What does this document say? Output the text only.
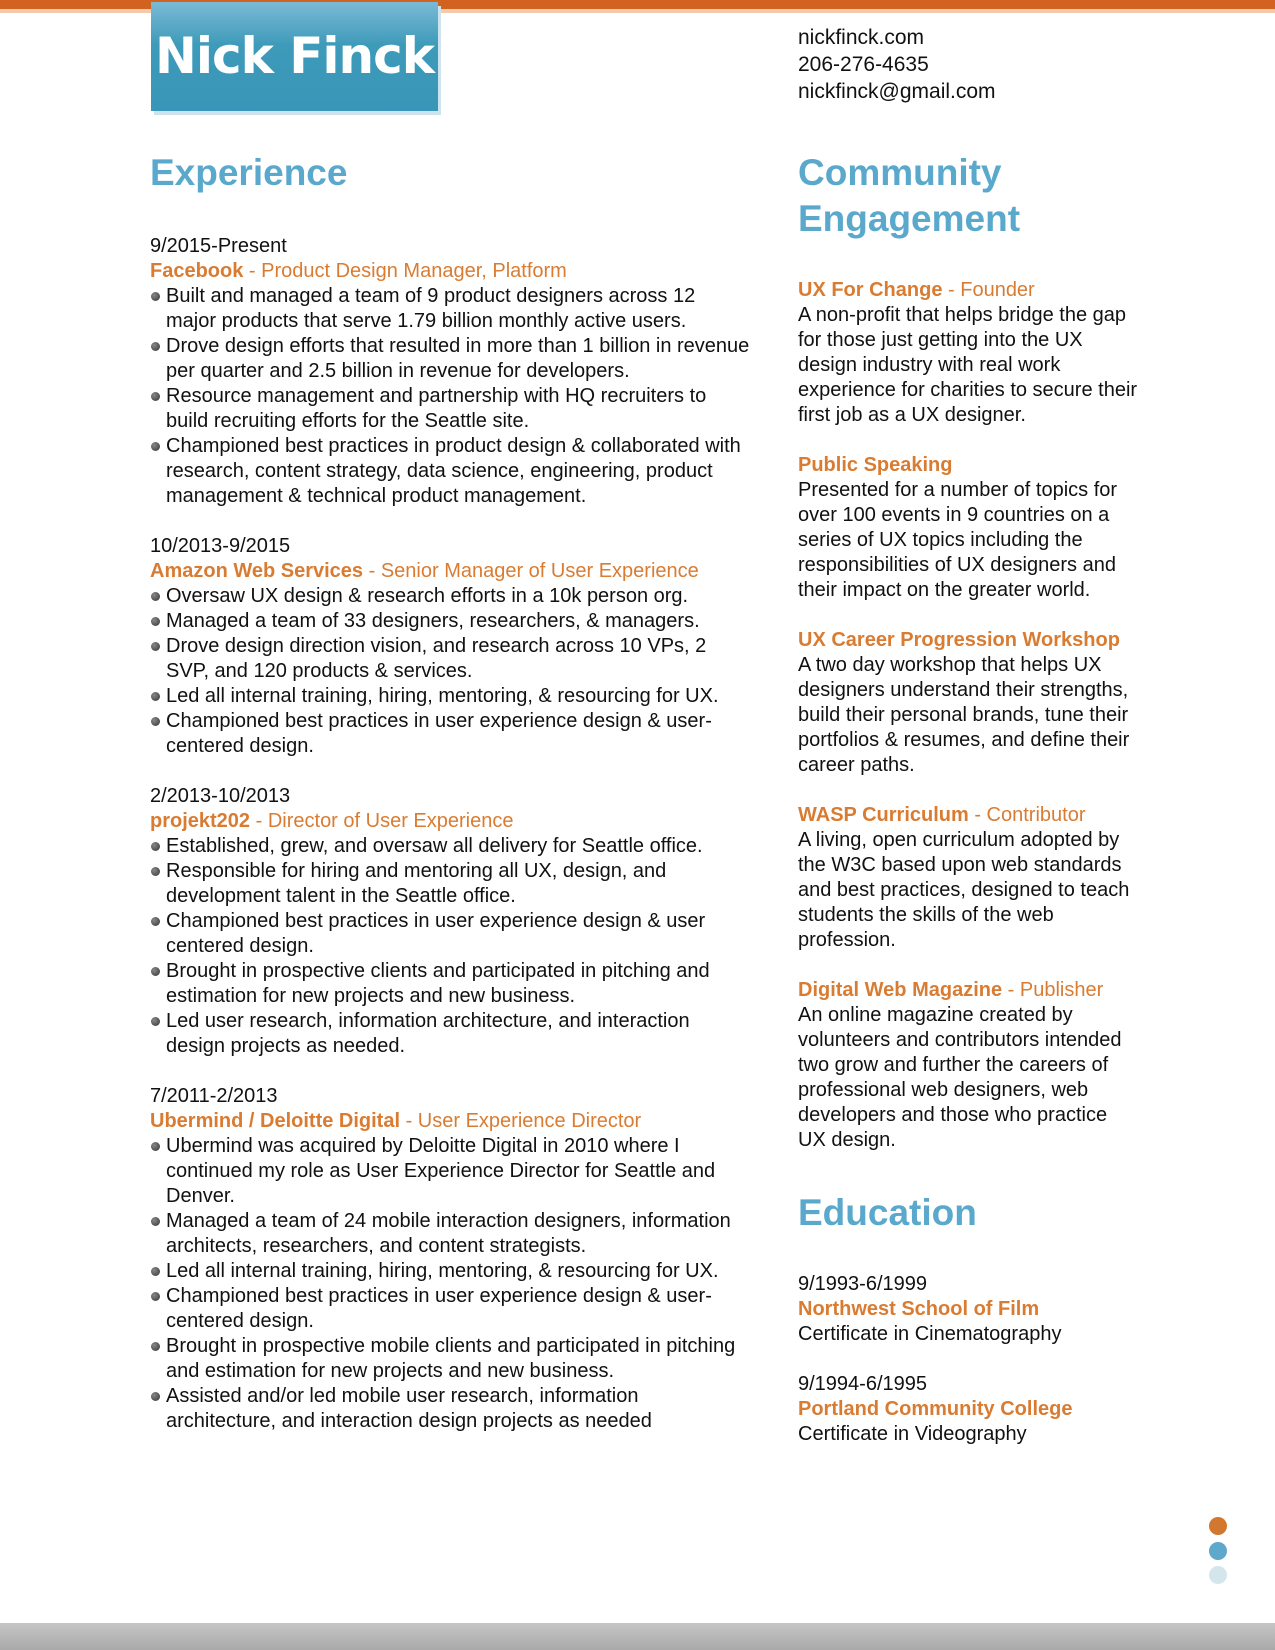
Nick Finck	nickfinck.com
206-276-4635
nickfinck@gmail.com
Experience
9/2015-Present
Facebook - Product Design Manager, Platform
Built and managed a team of 9 product designers across 12 major products that serve 1.79 billion monthly active users.
Drove design efforts that resulted in more than 1 billion in revenue per quarter and 2.5 billion in revenue for developers.
Resource management and partnership with HQ recruiters to build recruiting efforts for the Seattle site.
Championed best practices in product design & collaborated with research, content strategy, data science, engineering, product management & technical product management.
10/2013-9/2015
Amazon Web Services - Senior Manager of User Experience
Oversaw UX design & research efforts in a 10k person org.
Managed a team of 33 designers, researchers, & managers.
Drove design direction vision, and research across 10 VPs, 2 SVP, and 120 products & services.
Led all internal training, hiring, mentoring, & resourcing for UX.
Championed best practices in user experience design & user-centered design.
2/2013-10/2013
projekt202 - Director of User Experience
Established, grew, and oversaw all delivery for Seattle office.
Responsible for hiring and mentoring all UX, design, and development talent in the Seattle office.
Championed best practices in user experience design & user centered design.
Brought in prospective clients and participated in pitching and estimation for new projects and new business.
Led user research, information architecture, and interaction design projects as needed.
7/2011-2/2013
Ubermind / Deloitte Digital - User Experience Director
Ubermind was acquired by Deloitte Digital in 2010 where I continued my role as User Experience Director for Seattle and Denver.
Managed a team of 24 mobile interaction designers, information architects, researchers, and content strategists.
Led all internal training, hiring, mentoring, & resourcing for UX.
Championed best practices in user experience design & user-centered design.
Brought in prospective mobile clients and participated in pitching and estimation for new projects and new business.
Assisted and/or led mobile user research, information architecture, and interaction design projects as needed
Community Engagement
UX For Change - Founder
A non-profit that helps bridge the gap for those just getting into the UX design industry with real work experience for charities to secure their first job as a UX designer.
Public Speaking
Presented for a number of topics for over 100 events in 9 countries on a series of UX topics including the responsibilities of UX designers and their impact on the greater world.
UX Career Progression Workshop
A two day workshop that helps UX designers understand their strengths, build their personal brands, tune their portfolios & resumes, and define their career paths.
WASP Curriculum - Contributor
A living, open curriculum adopted by the W3C based upon web standards and best practices, designed to teach students the skills of the web profession.
Digital Web Magazine - Publisher
An online magazine created by volunteers and contributors intended two grow and further the careers of professional web designers, web developers and those who practice UX design.
Education
9/1993-6/1999
Northwest School of Film
Certificate in Cinematography
9/1994-6/1995
Portland Community College
Certificate in Videography
